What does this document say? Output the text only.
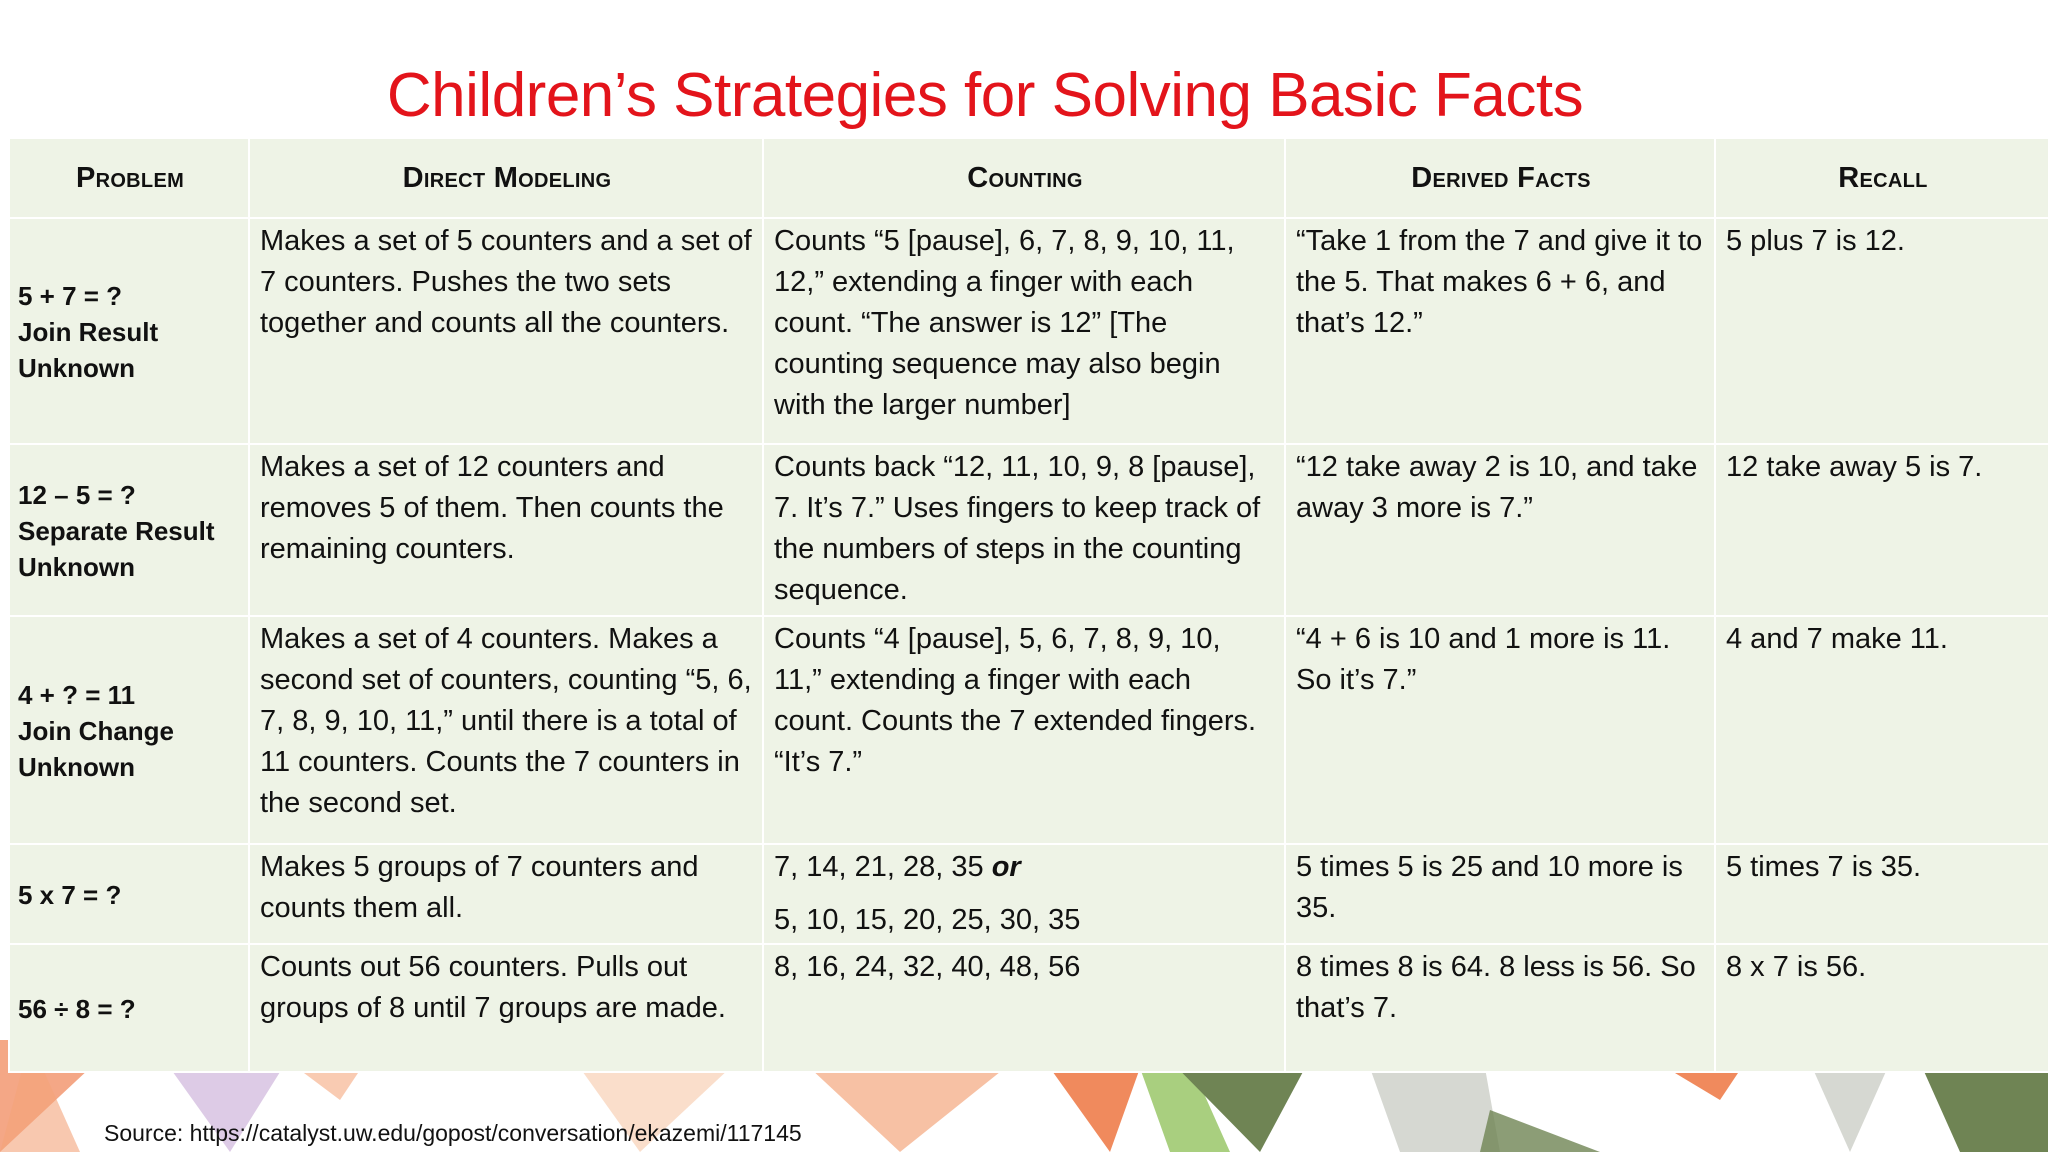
Children’s Strategies for Solving Basic Facts
Problem	Direct Modeling	Counting	Derived Facts	Recall

5 + 7 = ?
Join Result
Unknown	Makes a set of 5 counters and a set of 7 counters. Pushes the two sets together and counts all the counters.	Counts “5 [pause], 6, 7, 8, 9, 10, 11, 12,” extending a finger with each count. “The answer is 12” [The counting sequence may also begin with the larger number]	“Take 1 from the 7 and give it to the 5. That makes 6 + 6, and that’s 12.”	5 plus 7 is 12.

12 – 5 = ?
Separate Result
Unknown	Makes a set of 12 counters and removes 5 of them. Then counts the remaining counters.	Counts back “12, 11, 10, 9, 8 [pause], 7. It’s 7.” Uses fingers to keep track of the numbers of steps in the counting sequence.	“12 take away 2 is 10, and take away 3 more is 7.”	12 take away 5 is 7.

4 + ? = 11
Join Change
Unknown	Makes a set of 4 counters. Makes a second set of counters, counting “5, 6, 7, 8, 9, 10, 11,” until there is a total of 11 counters. Counts the 7 counters in the second set.	Counts “4 [pause], 5, 6, 7, 8, 9, 10, 11,” extending a finger with each count. Counts the 7 extended fingers. “It’s 7.”	“4 + 6 is 10 and 1 more is 11. So it’s 7.”	4 and 7 make 11.

5 x 7 = ?	Makes 5 groups of 7 counters and counts them all.	7, 14, 21, 28, 35 or
5, 10, 15, 20, 25, 30, 35	5 times 5 is 25 and 10 more is 35.	5 times 7 is 35.

56 ÷ 8 = ?	Counts out 56 counters. Pulls out groups of 8 until 7 groups are made.	8, 16, 24, 32, 40, 48, 56	8 times 8 is 64. 8 less is 56. So that’s 7.	8 x 7 is 56.
Source: https://catalyst.uw.edu/gopost/conversation/ekazemi/117145
